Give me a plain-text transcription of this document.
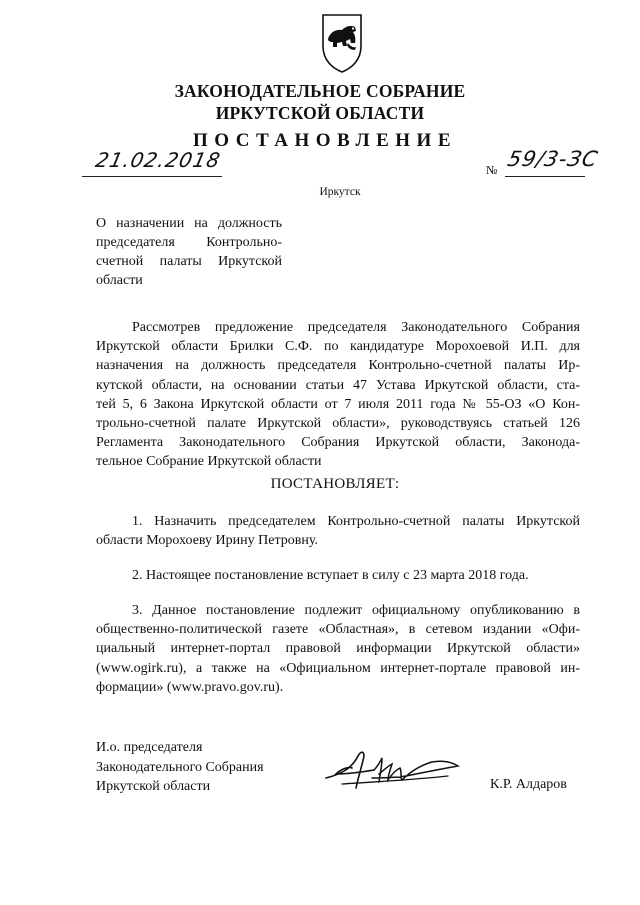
ЗАКОНОДАТЕЛЬНОЕ СОБРАНИЕ
ИРКУТСКОЙ ОБЛАСТИ
ПОСТАНОВЛЕНИЕ
21.02.2018	№ 59/3-ЗС
Иркутск
О назначении на должность
председателя Контрольно-
счетной палаты Иркутской
области
Рассмотрев предложение председателя Законодательного Собрания
Иркутской области Брилки С.Ф. по кандидатуре Морохоевой И.П. для
назначения на должность председателя Контрольно-счетной палаты Ир-
кутской области, на основании статьи 47 Устава Иркутской области, ста-
тей 5, 6 Закона Иркутской области от 7 июля 2011 года № 55-ОЗ «О Кон-
трольно-счетной палате Иркутской области», руководствуясь статьей 126
Регламента Законодательного Собрания Иркутской области, Законода-
тельное Собрание Иркутской области
ПОСТАНОВЛЯЕТ:
1. Назначить председателем Контрольно-счетной палаты Иркутской
области Морохоеву Ирину Петровну.
2. Настоящее постановление вступает в силу с 23 марта 2018 года.
3. Данное постановление подлежит официальному опубликованию в
общественно-политической газете «Областная», в сетевом издании «Офи-
циальный интернет-портал правовой информации Иркутской области»
(www.ogirk.ru), а также на «Официальном интернет-портале правовой ин-
формации» (www.pravo.gov.ru).
И.о. председателя
Законодательного Собрания
Иркутской области	К.Р. Алдаров
